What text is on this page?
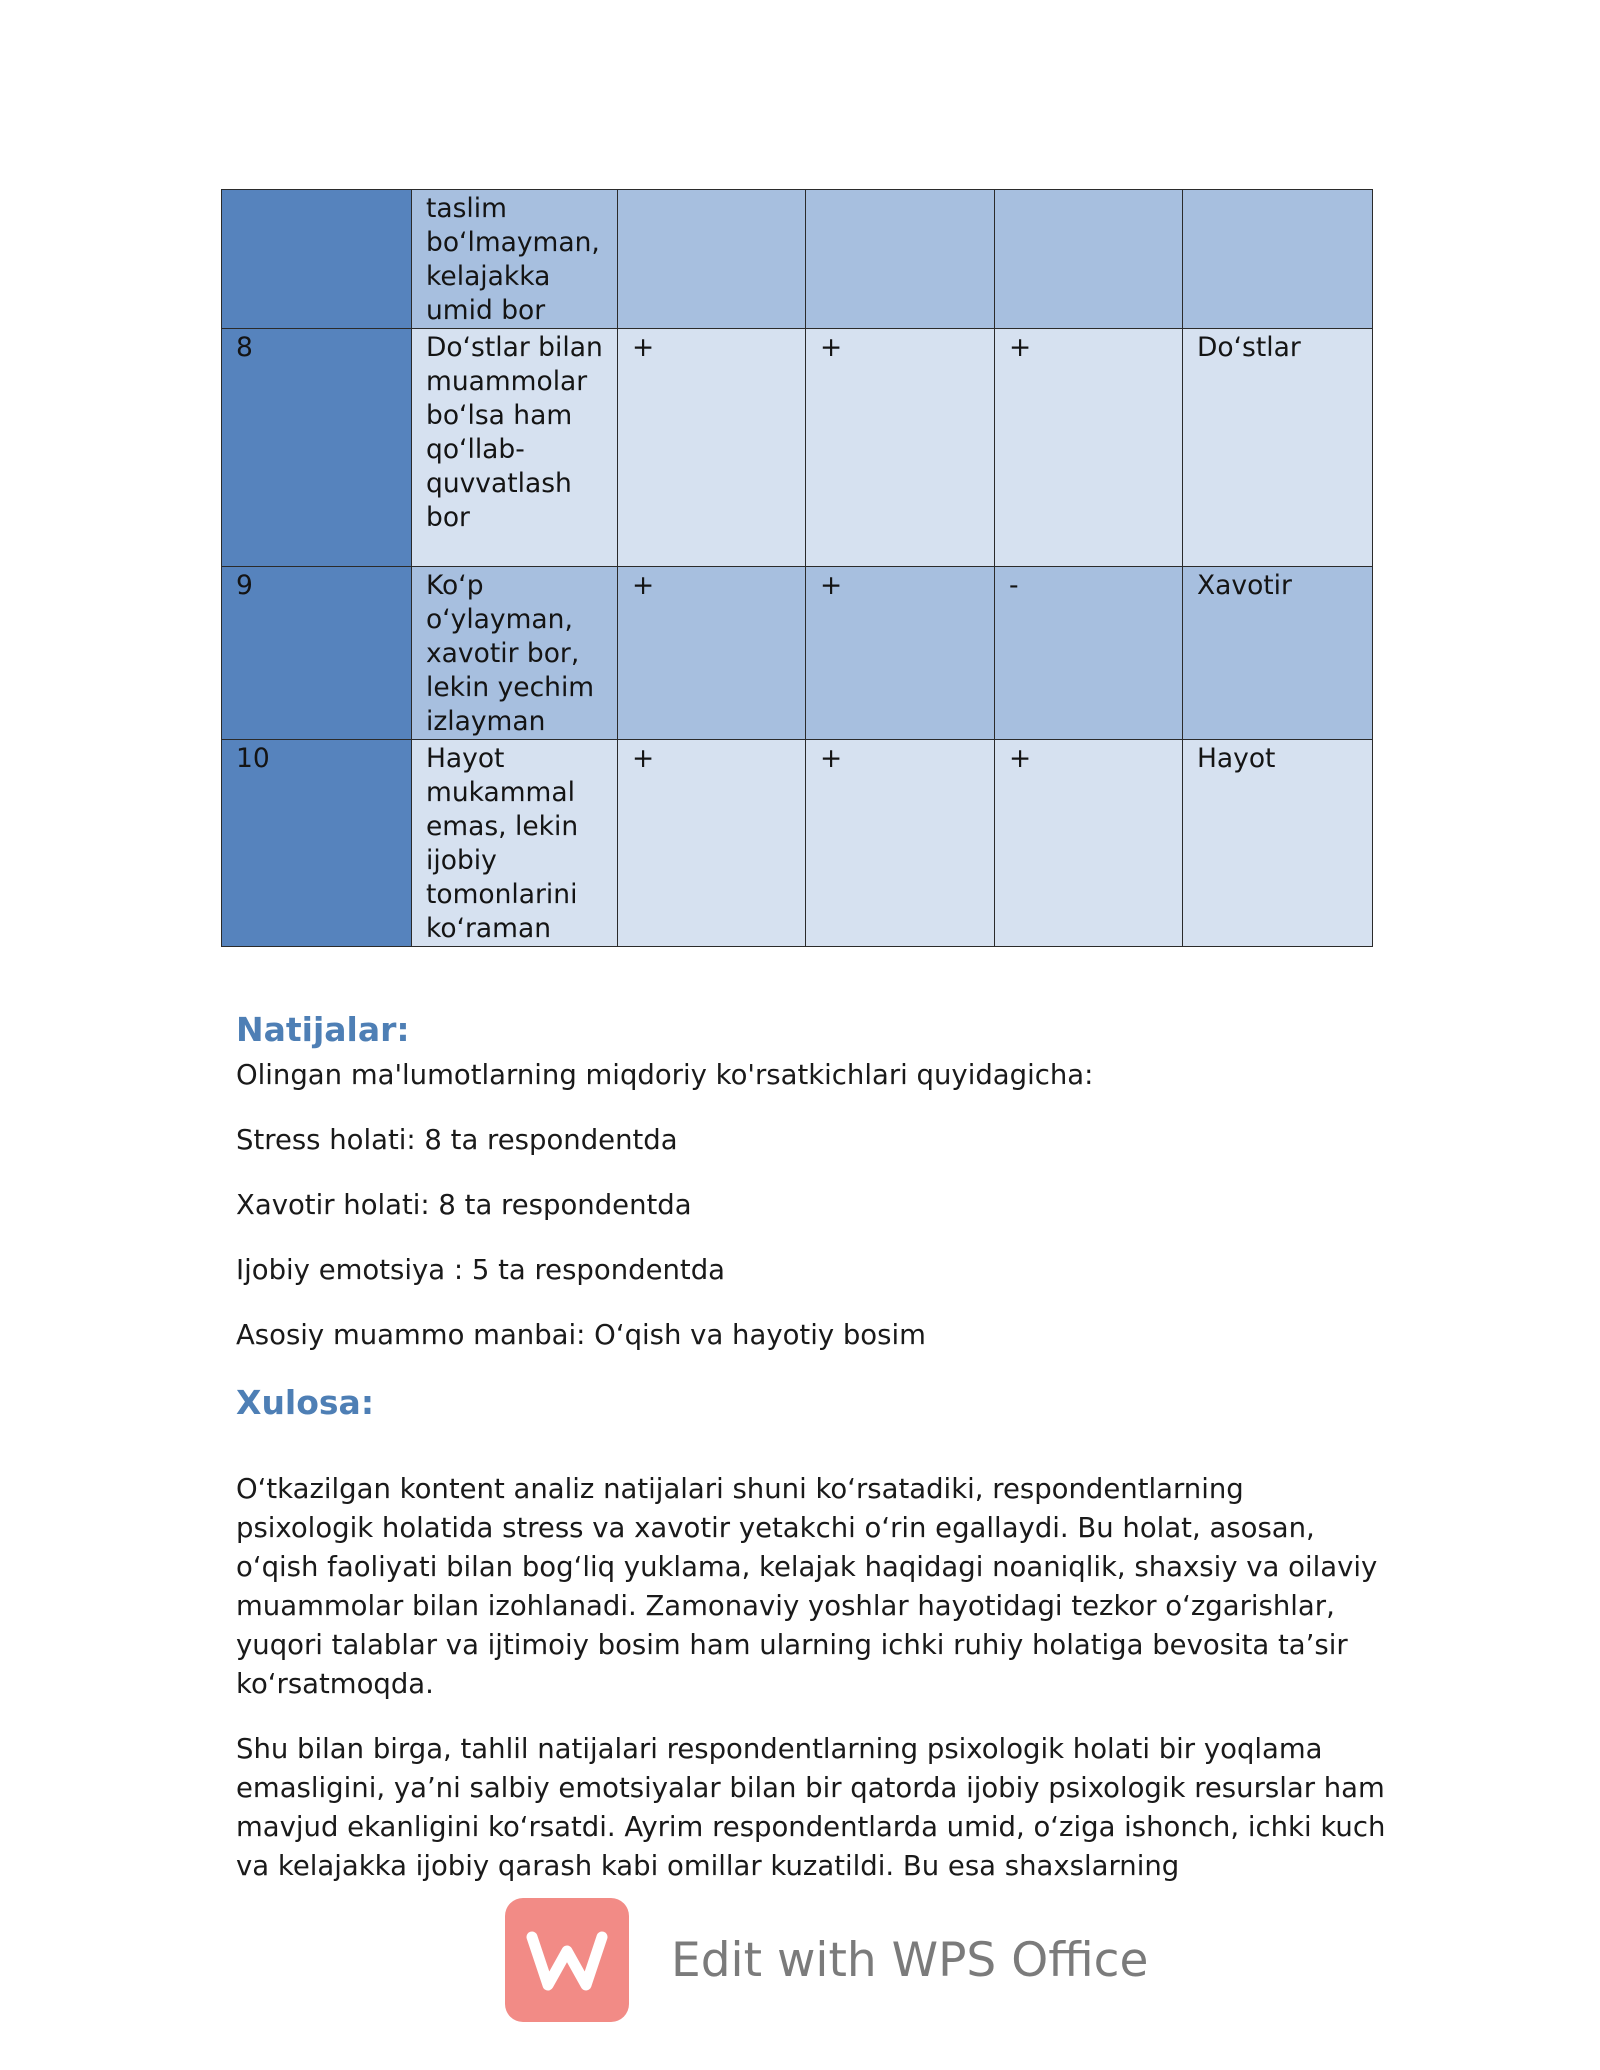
	taslim bo‘lmayman, kelajakka umid bor				
8	Do‘stlar bilan muammolar bo‘lsa ham qo‘llab-quvvatlash bor	+	+	+	Do‘stlar
9	Ko‘p o‘ylayman, xavotir bor, lekin yechim izlayman	+	+	-	Xavotir
10	Hayot mukammal emas, lekin ijobiy tomonlarini ko‘raman	+	+	+	Hayot
Natijalar:

Olingan ma'lumotlarning miqdoriy ko'rsatkichlari quyidagicha:

Stress holati: 8 ta respondentda

Xavotir holati: 8 ta respondentda

Ijobiy emotsiya : 5 ta respondentda

Asosiy muammo manbai: O‘qish va hayotiy bosim

Xulosa:

O‘tkazilgan kontent analiz natijalari shuni ko‘rsatadiki, respondentlarning psixologik holatida stress va xavotir yetakchi o‘rin egallaydi. Bu holat, asosan, o‘qish faoliyati bilan bog‘liq yuklama, kelajak haqidagi noaniqlik, shaxsiy va oilaviy muammolar bilan izohlanadi. Zamonaviy yoshlar hayotidagi tezkor o‘zgarishlar, yuqori talablar va ijtimoiy bosim ham ularning ichki ruhiy holatiga bevosita ta’sir ko‘rsatmoqda.

Shu bilan birga, tahlil natijalari respondentlarning psixologik holati bir yoqlama emasligini, ya’ni salbiy emotsiyalar bilan bir qatorda ijobiy psixologik resurslar ham mavjud ekanligini ko‘rsatdi. Ayrim respondentlarda umid, o‘ziga ishonch, ichki kuch va kelajakka ijobiy qarash kabi omillar kuzatildi. Bu esa shaxslarning

Edit with WPS Office
